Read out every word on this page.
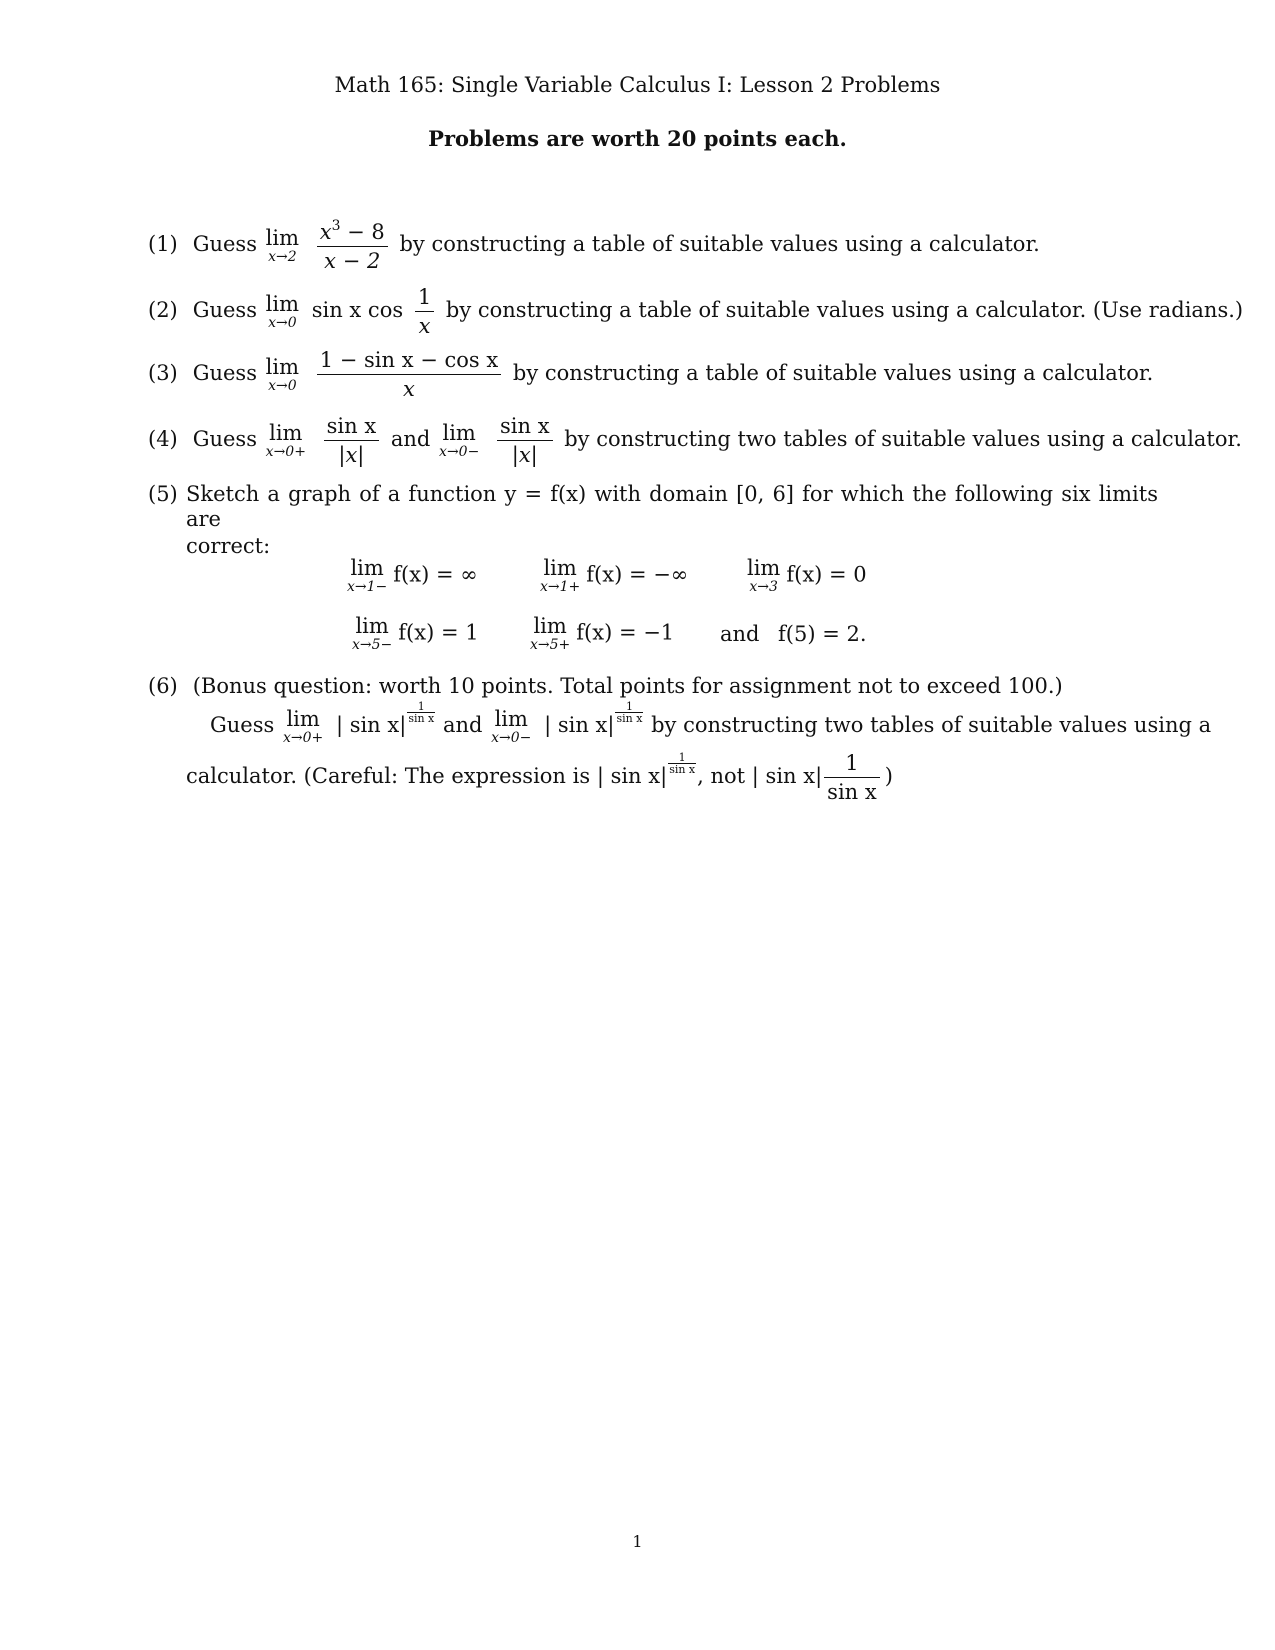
Math 165: Single Variable Calculus I: Lesson 2 Problems
Problems are worth 20 points each.
(1) Guess lim
x→2
$\frac{x^3 - 8}{x - 2}$ by constructing a table of suitable values using a calculator.
(2) Guess lim
x→0
sin x $\cos \frac{1}{x}$ by constructing a table of suitable values using a calculator. (Use radians.)
(3) Guess lim
x→0
$\frac{\text{1 − sin x − cos x}}{x}$ by constructing a table of suitable values using a calculator.
(4) Guess lim
x→0+
$\frac{\text{sin x}}{|x|}$ and lim
x→0−
$\frac{\text{sin x}}{|x|}$ by constructing two tables of suitable values using a calculator.
(5) Sketch a graph of a function y = f(x) with domain [0, 6] for which the following six limits are
correct:
lim
x→1−
f(x) = ∞	lim
x→1+
f(x) = −∞	lim
x→3
f(x) = 0
lim
x→5−
f(x) = 1	lim
x→5+
f(x) = −1 and f(5) = 2.
(6) (Bonus question: worth 10 points. Total points for assignment not to exceed 100.)
Guess lim
x→0+
| sin x|
$\frac{1}{\text{sin x}}$
and lim
x→0−
| sin x|
$\frac{1}{\text{sin x}}$
by constructing two tables of suitable values using a
calculator. (Careful: The expression is | sin x|
$\frac{1}{\text{sin x}}$
, not | $\sin x| \frac{1}{\text{sin x}}$ )
1
